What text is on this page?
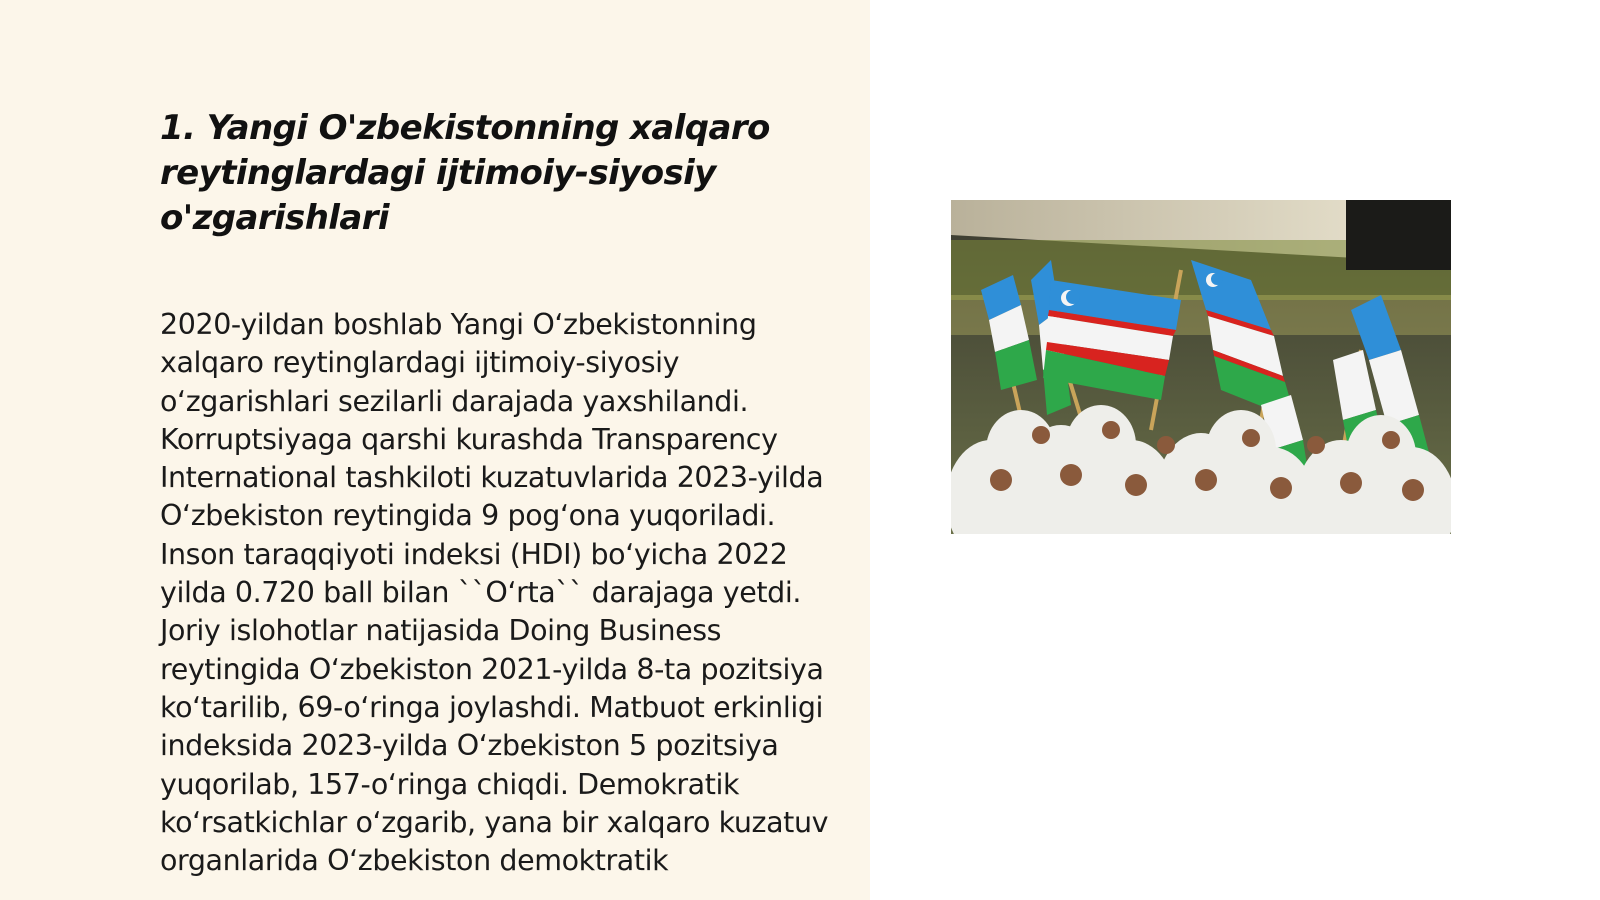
1. Yangi O'zbekistonning xalqaro reytinglardagi ijtimoiy-siyosiy o'zgarishlari

2020-yildan boshlab Yangi Oʻzbekistonning xalqaro reytinglardagi ijtimoiy-siyosiy oʻzgarishlari sezilarli darajada yaxshilandi. Korruptsiyaga qarshi kurashda Transparency International tashkiloti kuzatuvlarida 2023-yilda Oʻzbekiston reytingida 9 pogʻona yuqoriladi. Inson taraqqiyoti indeksi (HDI) boʻyicha 2022 yilda 0.720 ball bilan ``Oʻrta`` darajaga yetdi. Joriy islohotlar natijasida Doing Business reytingida Oʻzbekiston 2021-yilda 8-ta pozitsiya koʻtarilib, 69-oʻringa joylashdi. Matbuot erkinligi indeksida 2023-yilda Oʻzbekiston 5 pozitsiya yuqorilab, 157-oʻringa chiqdi. Demokratik koʻrsatkichlar oʻzgarib, yana bir xalqaro kuzatuv organlarida Oʻzbekiston demoktratik
